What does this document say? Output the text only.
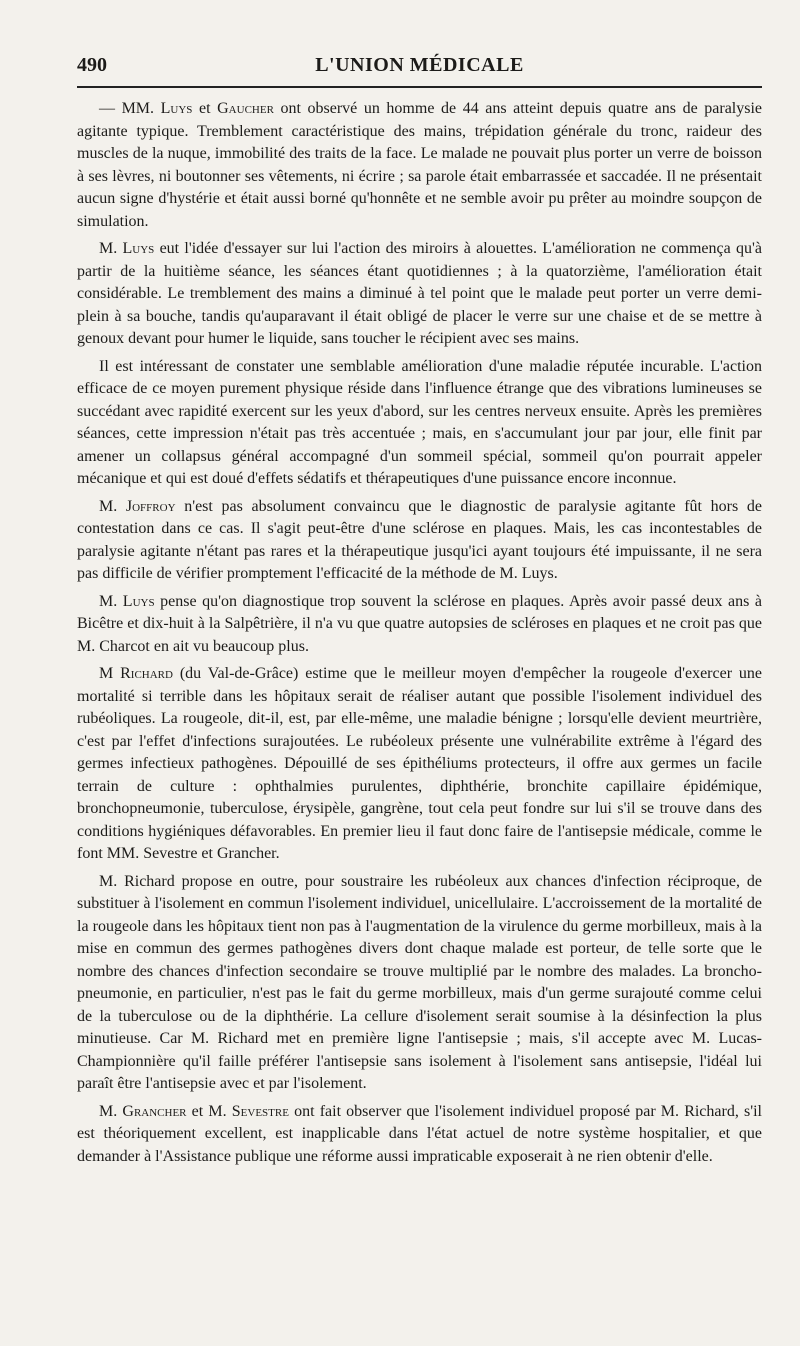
490	L'UNION MÉDICALE

— MM. Luys et Gaucher ont observé un homme de 44 ans atteint depuis quatre ans de paralysie agitante typique. Tremblement caractéristique des mains, trépidation générale du tronc, raideur des muscles de la nuque, immobilité des traits de la face. Le malade ne pouvait plus porter un verre de boisson à ses lèvres, ni boutonner ses vêtements, ni écrire ; sa parole était embarrassée et saccadée. Il ne présentait aucun signe d'hystérie et était aussi borné qu'honnête et ne semble avoir pu prêter au moindre soupçon de simulation.

M. Luys eut l'idée d'essayer sur lui l'action des miroirs à alouettes. L'amélioration ne commença qu'à partir de la huitième séance, les séances étant quotidiennes ; à la quatorzième, l'amélioration était considérable. Le tremblement des mains a diminué à tel point que le malade peut porter un verre demi-plein à sa bouche, tandis qu'auparavant il était obligé de placer le verre sur une chaise et de se mettre à genoux devant pour humer le liquide, sans toucher le récipient avec ses mains.

Il est intéressant de constater une semblable amélioration d'une maladie réputée incurable. L'action efficace de ce moyen purement physique réside dans l'influence étrange que des vibrations lumineuses se succédant avec rapidité exercent sur les yeux d'abord, sur les centres nerveux ensuite. Après les premières séances, cette impression n'était pas très accentuée ; mais, en s'accumulant jour par jour, elle finit par amener un collapsus général accompagné d'un sommeil spécial, sommeil qu'on pourrait appeler mécanique et qui est doué d'effets sédatifs et thérapeutiques d'une puissance encore inconnue.

M. Joffroy n'est pas absolument convaincu que le diagnostic de paralysie agitante fût hors de contestation dans ce cas. Il s'agit peut-être d'une sclérose en plaques. Mais, les cas incontestables de paralysie agitante n'étant pas rares et la thérapeutique jusqu'ici ayant toujours été impuissante, il ne sera pas difficile de vérifier promptement l'efficacité de la méthode de M. Luys.

M. Luys pense qu'on diagnostique trop souvent la sclérose en plaques. Après avoir passé deux ans à Bicêtre et dix-huit à la Salpêtrière, il n'a vu que quatre autopsies de scléroses en plaques et ne croit pas que M. Charcot en ait vu beaucoup plus.

M Richard (du Val-de-Grâce) estime que le meilleur moyen d'empêcher la rougeole d'exercer une mortalité si terrible dans les hôpitaux serait de réaliser autant que possible l'isolement individuel des rubéoliques. La rougeole, dit-il, est, par elle-même, une maladie bénigne ; lorsqu'elle devient meurtrière, c'est par l'effet d'infections surajoutées. Le rubéoleux présente une vulnérabilite extrême à l'égard des germes infectieux pathogènes. Dépouillé de ses épithéliums protecteurs, il offre aux germes un facile terrain de culture : ophthalmies purulentes, diphthérie, bronchite capillaire épidémique, bronchopneumonie, tuberculose, érysipèle, gangrène, tout cela peut fondre sur lui s'il se trouve dans des conditions hygiéniques défavorables. En premier lieu il faut donc faire de l'antisepsie médicale, comme le font MM. Sevestre et Grancher.

M. Richard propose en outre, pour soustraire les rubéoleux aux chances d'infection réciproque, de substituer à l'isolement en commun l'isolement individuel, unicellulaire. L'accroissement de la mortalité de la rougeole dans les hôpitaux tient non pas à l'augmentation de la virulence du germe morbilleux, mais à la mise en commun des germes pathogènes divers dont chaque malade est porteur, de telle sorte que le nombre des chances d'infection secondaire se trouve multiplié par le nombre des malades. La broncho-pneumonie, en particulier, n'est pas le fait du germe morbilleux, mais d'un germe surajouté comme celui de la tuberculose ou de la diphthérie. La cellure d'isolement serait soumise à la désinfection la plus minutieuse. Car M. Richard met en première ligne l'antisepsie ; mais, s'il accepte avec M. Lucas-Championnière qu'il faille préférer l'antisepsie sans isolement à l'isolement sans antisepsie, l'idéal lui paraît être l'antisepsie avec et par l'isolement.

M. Grancher et M. Sevestre ont fait observer que l'isolement individuel proposé par M. Richard, s'il est théoriquement excellent, est inapplicable dans l'état actuel de notre système hospitalier, et que demander à l'Assistance publique une réforme aussi impraticable exposerait à ne rien obtenir d'elle.
